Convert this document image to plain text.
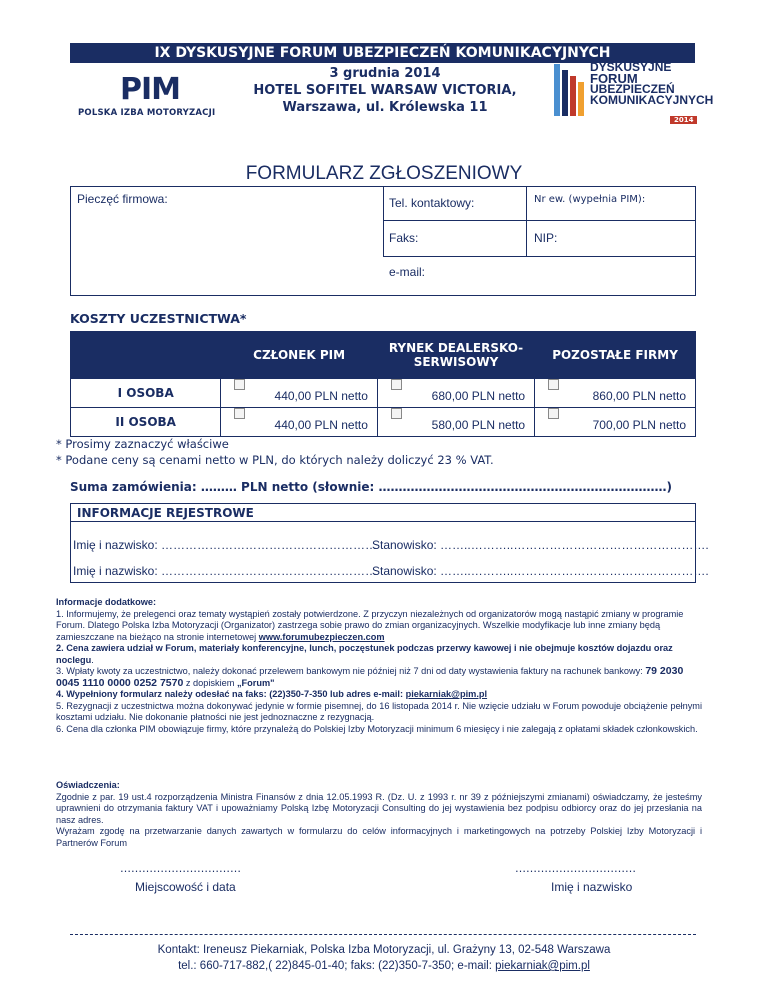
IX DYSKUSYJNE FORUM UBEZPIECZEŃ KOMUNIKACYJNYCH
3 grudnia 2014
HOTEL SOFITEL WARSAW VICTORIA,
Warszawa, ul. Królewska 11
PIM
POLSKA IZBA MOTORYZACJI
DYSKUSYJNE
FORUM
UBEZPIECZEŃ
KOMUNIKACYJNYCH
2014
FORMULARZ ZGŁOSZENIOWY
Pieczęć firmowa:	Tel. kontaktowy:	Nr ew. (wypełnia PIM):
Faks:	NIP:
e-mail:
KOSZTY UCZESTNICTWA*
	CZŁONEK PIM	RYNEK DEALERSKO-SERWISOWY	POZOSTAŁE FIRMY
I OSOBA	440,00 PLN netto	680,00 PLN netto	860,00 PLN netto

II OSOBA	440,00 PLN netto	580,00 PLN netto	700,00 PLN netto
* Prosimy zaznaczyć właściwe
* Podane ceny są cenami netto w PLN, do których należy doliczyć 23 % VAT.
Suma zamówienia: ……… PLN netto (słownie: ………………………………………………………………)
INFORMACJE REJESTROWE
Imię i nazwisko: ………………………………………………
Stanowisko: ……..………..………………………………………….
Imię i nazwisko: ………………………………………………
Stanowisko: ……..………..………………………………………….
Informacje dodatkowe:
1. Informujemy, że prelegenci oraz tematy wystąpień zostały potwierdzone. Z przyczyn niezależnych od organizatorów mogą nastąpić zmiany w programie Forum. Dlatego Polska Izba Motoryzacji (Organizator) zastrzega sobie prawo do zmian organizacyjnych. Wszelkie modyfikacje lub inne zmiany będą zamieszczane na bieżąco na stronie internetowej www.forumubezpieczen.com
2. Cena zawiera udział w Forum, materiały konferencyjne, lunch, poczęstunek podczas przerwy kawowej i nie obejmuje kosztów dojazdu oraz noclegu.
3. Wpłaty kwoty za uczestnictwo, należy dokonać przelewem bankowym nie później niż 7 dni od daty wystawienia faktury na rachunek bankowy: 79 2030 0045 1110 0000 0252 7570 z dopiskiem „Forum"
4. Wypełniony formularz należy odesłać na faks: (22)350-7-350 lub adres e-mail: piekarniak@pim.pl
5. Rezygnacji z uczestnictwa można dokonywać jedynie w formie pisemnej, do 16 listopada 2014 r. Nie wzięcie udziału w Forum powoduje obciążenie pełnymi kosztami udziału. Nie dokonanie płatności nie jest jednoznaczne z rezygnacją.
6. Cena dla członka PIM obowiązuje firmy, które przynależą do Polskiej Izby Motoryzacji minimum 6 miesięcy i nie zalegają z opłatami składek członkowskich.
Oświadczenia:
Zgodnie z par. 19 ust.4 rozporządzenia Ministra Finansów z dnia 12.05.1993 R. (Dz. U. z 1993 r. nr 39 z późniejszymi zmianami) oświadczamy, że jesteśmy uprawnieni do otrzymania faktury VAT i upoważniamy Polską Izbę Motoryzacji Consulting do jej wystawienia bez podpisu odbiorcy oraz do jej przesłania na nasz adres.
Wyrażam zgodę na przetwarzanie danych zawartych w formularzu do celów informacyjnych i marketingowych na potrzeby Polskiej Izby Motoryzacji i Partnerów Forum
……………………………
Miejscowość i data
……………………………
Imię i nazwisko
Kontakt: Ireneusz Piekarniak, Polska Izba Motoryzacji, ul. Grażyny 13, 02-548 Warszawa
tel.: 660-717-882,( 22)845-01-40; faks: (22)350-7-350; e-mail: piekarniak@pim.pl
